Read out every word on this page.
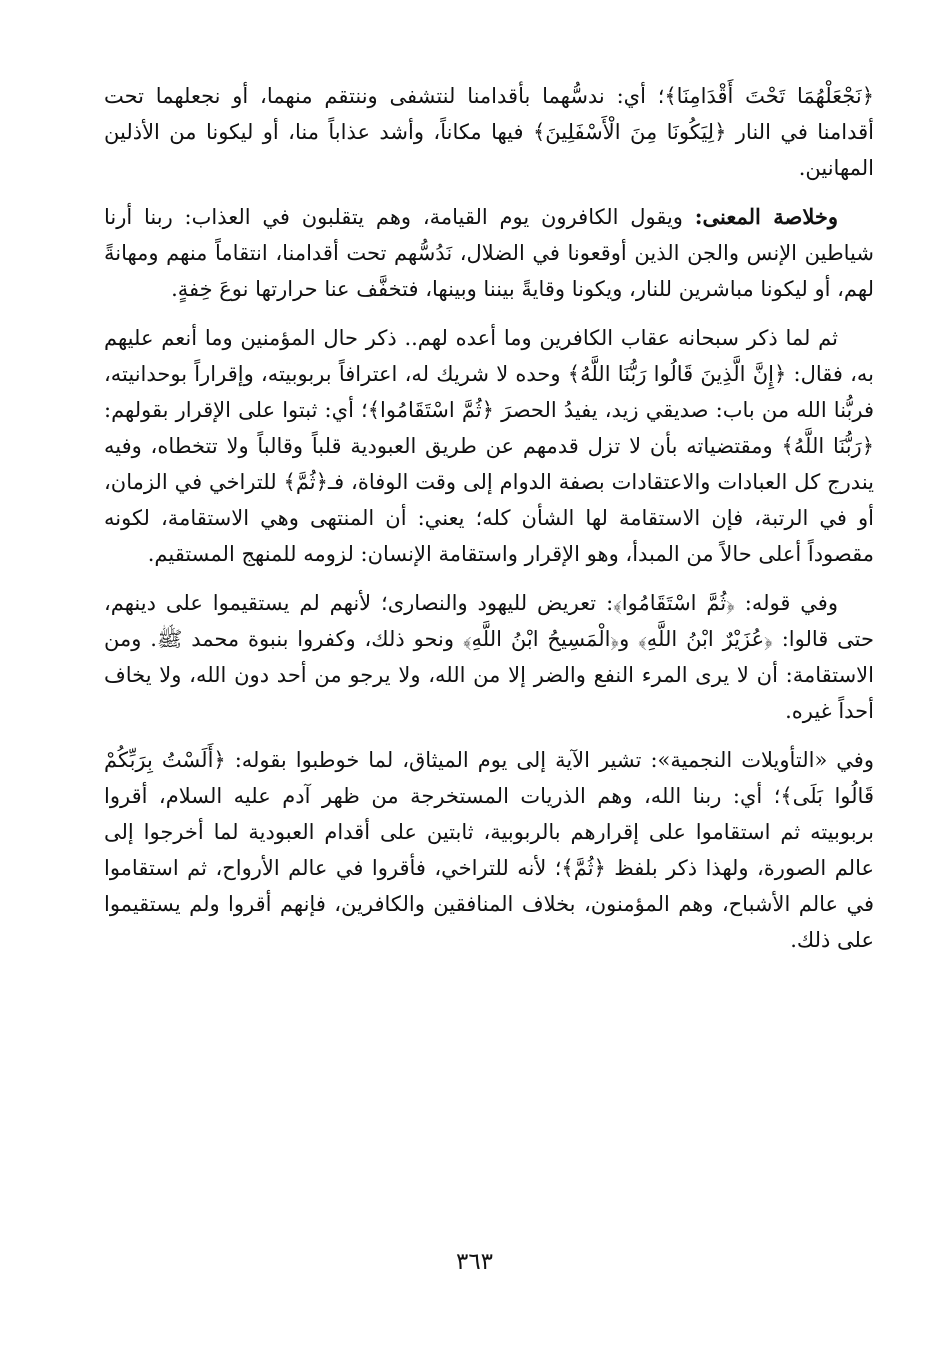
﴿نَجْعَلْهُمَا تَحْتَ أَقْدَامِنَا﴾؛ أي: ندسُّهما بأقدامنا لنتشفى وننتقم منهما، أو نجعلهما تحت أقدامنا في النار ﴿لِيَكُونَا مِنَ الْأَسْفَلِينَ﴾ فيها مكاناً، وأشد عذاباً منا، أو ليكونا من الأذلين المهانين.

وخلاصة المعنى: ويقول الكافرون يوم القيامة، وهم يتقلبون في العذاب: ربنا أرنا شياطين الإنس والجن الذين أوقعونا في الضلال، نَدُسُّهم تحت أقدامنا، انتقاماً منهم ومهانةً لهم، أو ليكونا مباشرين للنار، ويكونا وقايةً بيننا وبينها، فتخفَّف عنا حرارتها نوعَ خِفةٍ.

ثم لما ذكر سبحانه عقاب الكافرين وما أعده لهم.. ذكر حال المؤمنين وما أنعم عليهم به، فقال: ﴿إِنَّ الَّذِينَ قَالُوا رَبُّنَا اللَّهُ﴾ وحده لا شريك له، اعترافاً بربوبيته، وإقراراً بوحدانيته، فربُّنا الله من باب: صديقي زيد، يفيدُ الحصرَ ﴿ثُمَّ اسْتَقَامُوا﴾؛ أي: ثبتوا على الإقرار بقولهم: ﴿رَبُّنَا اللَّهُ﴾ ومقتضياته بأن لا تزل قدمهم عن طريق العبودية قلباً وقالباً ولا تتخطاه، وفيه يندرج كل العبادات والاعتقادات بصفة الدوام إلى وقت الوفاة، فـ﴿ثُمَّ﴾ للتراخي في الزمان، أو في الرتبة، فإن الاستقامة لها الشأن كله؛ يعني: أن المنتهى وهي الاستقامة، لكونه مقصوداً أعلى حالاً من المبدأ، وهو الإقرار واستقامة الإنسان: لزومه للمنهج المستقيم.

وفي قوله: ﴿ثُمَّ اسْتَقَامُوا﴾: تعريض لليهود والنصارى؛ لأنهم لم يستقيموا على دينهم، حتى قالوا: ﴿عُزَيْرٌ ابْنُ اللَّهِ﴾ و﴿الْمَسِيحُ ابْنُ اللَّهِ﴾ ونحو ذلك، وكفروا بنبوة محمد ﷺ. ومن الاستقامة: أن لا يرى المرء النفع والضر إلا من الله، ولا يرجو من أحد دون الله، ولا يخاف أحداً غيره.

وفي «التأويلات النجمية»: تشير الآية إلى يوم الميثاق، لما خوطبوا بقوله: ﴿أَلَسْتُ بِرَبِّكُمْ قَالُوا بَلَى﴾؛ أي: ربنا الله، وهم الذريات المستخرجة من ظهر آدم عليه السلام، أقروا بربوبيته ثم استقاموا على إقرارهم بالربوبية، ثابتين على أقدام العبودية لما أخرجوا إلى عالم الصورة، ولهذا ذكر بلفظ ﴿ثُمَّ﴾؛ لأنه للتراخي، فأقروا في عالم الأرواح، ثم استقاموا في عالم الأشباح، وهم المؤمنون، بخلاف المنافقين والكافرين، فإنهم أقروا ولم يستقيموا على ذلك.

٣٦٣
